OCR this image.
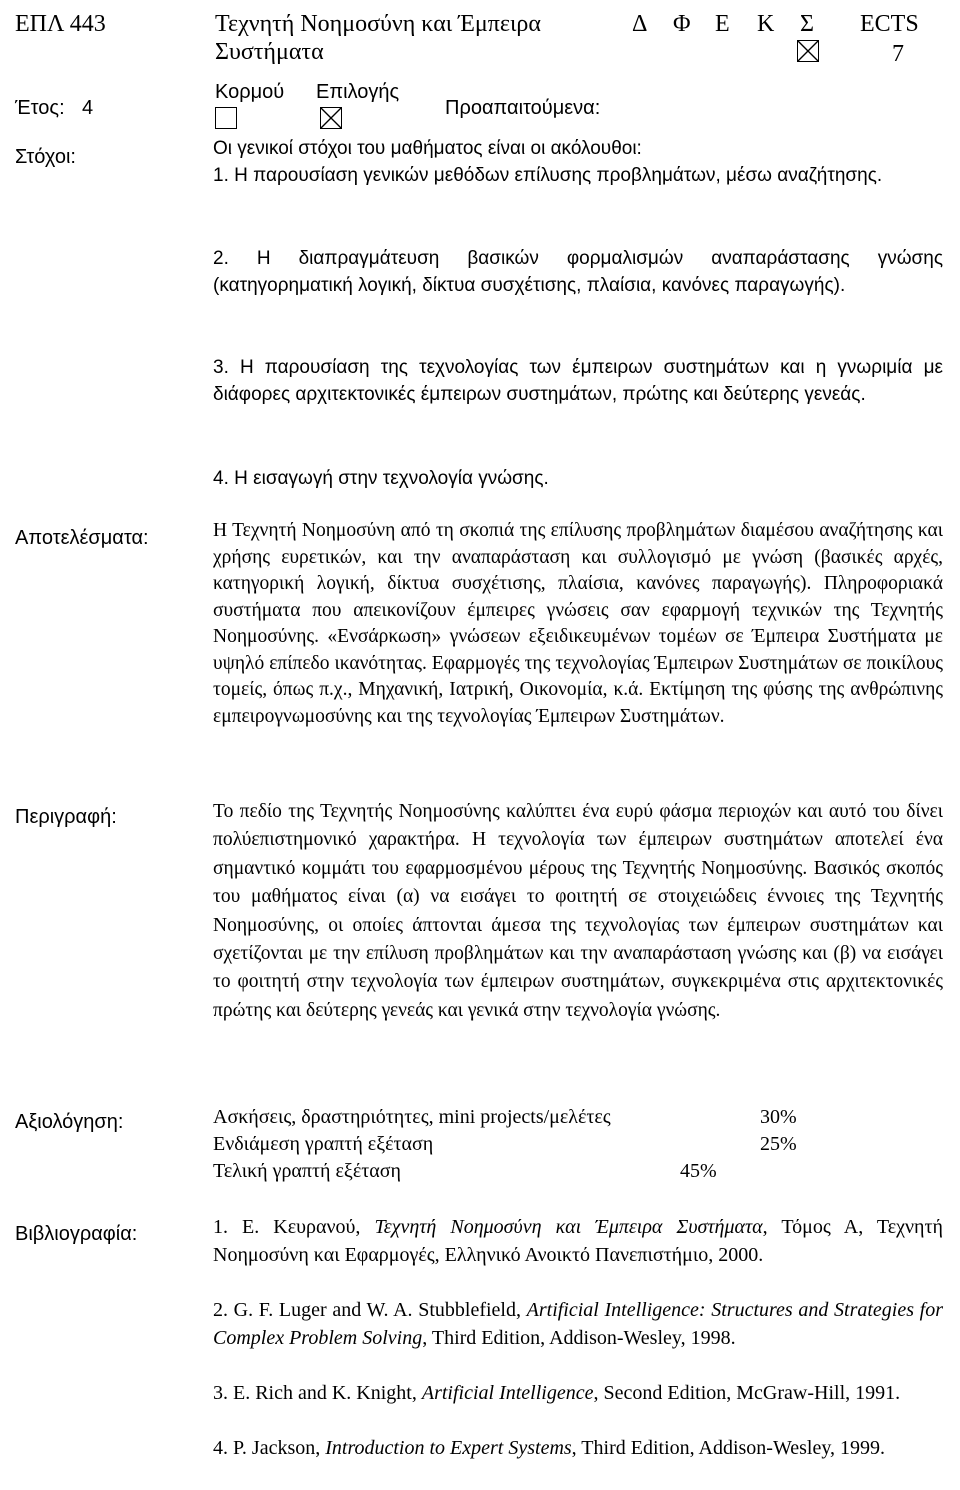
ΕΠΛ 443	Τεχνητή Νοημοσύνη και Έμπειρα Συστήματα
Δ Φ Ε Κ Σ ECTS
7
Έτος: 4
Κορμού Επιλογής
Προαπαιτούμενα:
Στόχοι:	Οι γενικοί στόχοι του μαθήματος είναι οι ακόλουθοι:
1. Η παρουσίαση γενικών μεθόδων επίλυσης προβλημάτων, μέσω αναζήτησης.
2. Η διαπραγμάτευση βασικών φορμαλισμών αναπαράστασης γνώσης (κατηγορηματική λογική, δίκτυα συσχέτισης, πλαίσια, κανόνες παραγωγής).
3. Η παρουσίαση της τεχνολογίας των έμπειρων συστημάτων και η γνωριμία με διάφορες αρχιτεκτονικές έμπειρων συστημάτων, πρώτης και δεύτερης γενεάς.
4. Η εισαγωγή στην τεχνολογία γνώσης.
Αποτελέσματα:	Η Τεχνητή Νοημοσύνη από τη σκοπιά της επίλυσης προβλημάτων διαμέσου αναζήτησης και χρήσης ευρετικών, και την αναπαράσταση και συλλογισμό με γνώση (βασικές αρχές, κατηγορική λογική, δίκτυα συσχέτισης, πλαίσια, κανόνες παραγωγής). Πληροφοριακά συστήματα που απεικονίζουν έμπειρες γνώσεις σαν εφαρμογή τεχνικών της Τεχνητής Νοημοσύνης. «Ενσάρκωση» γνώσεων εξειδικευμένων τομέων σε Έμπειρα Συστήματα με υψηλό επίπεδο ικανότητας. Εφαρμογές της τεχνολογίας Έμπειρων Συστημάτων σε ποικίλους τομείς, όπως π.χ., Μηχανική, Ιατρική, Οικονομία, κ.ά. Εκτίμηση της φύσης της ανθρώπινης εμπειρογνωμοσύνης και της τεχνολογίας Έμπειρων Συστημάτων.
Περιγραφή:	Το πεδίο της Τεχνητής Νοημοσύνης καλύπτει ένα ευρύ φάσμα περιοχών και αυτό του δίνει πολύεπιστημονικό χαρακτήρα. Η τεχνολογία των έμπειρων συστημάτων αποτελεί ένα σημαντικό κομμάτι του εφαρμοσμένου μέρους της Τεχνητής Νοημοσύνης. Βασικός σκοπός του μαθήματος είναι (α) να εισάγει το φοιτητή σε στοιχειώδεις έννοιες της Τεχνητής Νοημοσύνης, οι οποίες άπτονται άμεσα της τεχνολογίας των έμπειρων συστημάτων και σχετίζονται με την επίλυση προβλημάτων και την αναπαράσταση γνώσης και (β) να εισάγει το φοιτητή στην τεχνολογία των έμπειρων συστημάτων, συγκεκριμένα στις αρχιτεκτονικές πρώτης και δεύτερης γενεάς και γενικά στην τεχνολογία γνώσης.
Αξιολόγηση:	Ασκήσεις, δραστηριότητες, mini projects/μελέτες	30%
Ενδιάμεση γραπτή εξέταση	25%
Τελική γραπτή εξέταση	45%
Βιβλιογραφία:	1. Ε. Κευρανού, Τεχνητή Νοημοσύνη και Έμπειρα Συστήματα, Τόμος Α, Τεχνητή Νοημοσύνη και Εφαρμογές, Ελληνικό Ανοικτό Πανεπιστήμιο, 2000.
2. G. F. Luger and W. A. Stubblefield, Artificial Intelligence: Structures and Strategies for Complex Problem Solving, Third Edition, Addison-Wesley, 1998.
3. E. Rich and K. Knight, Artificial Intelligence, Second Edition, McGraw-Hill, 1991.
4. P. Jackson, Introduction to Expert Systems, Third Edition, Addison-Wesley, 1999.
